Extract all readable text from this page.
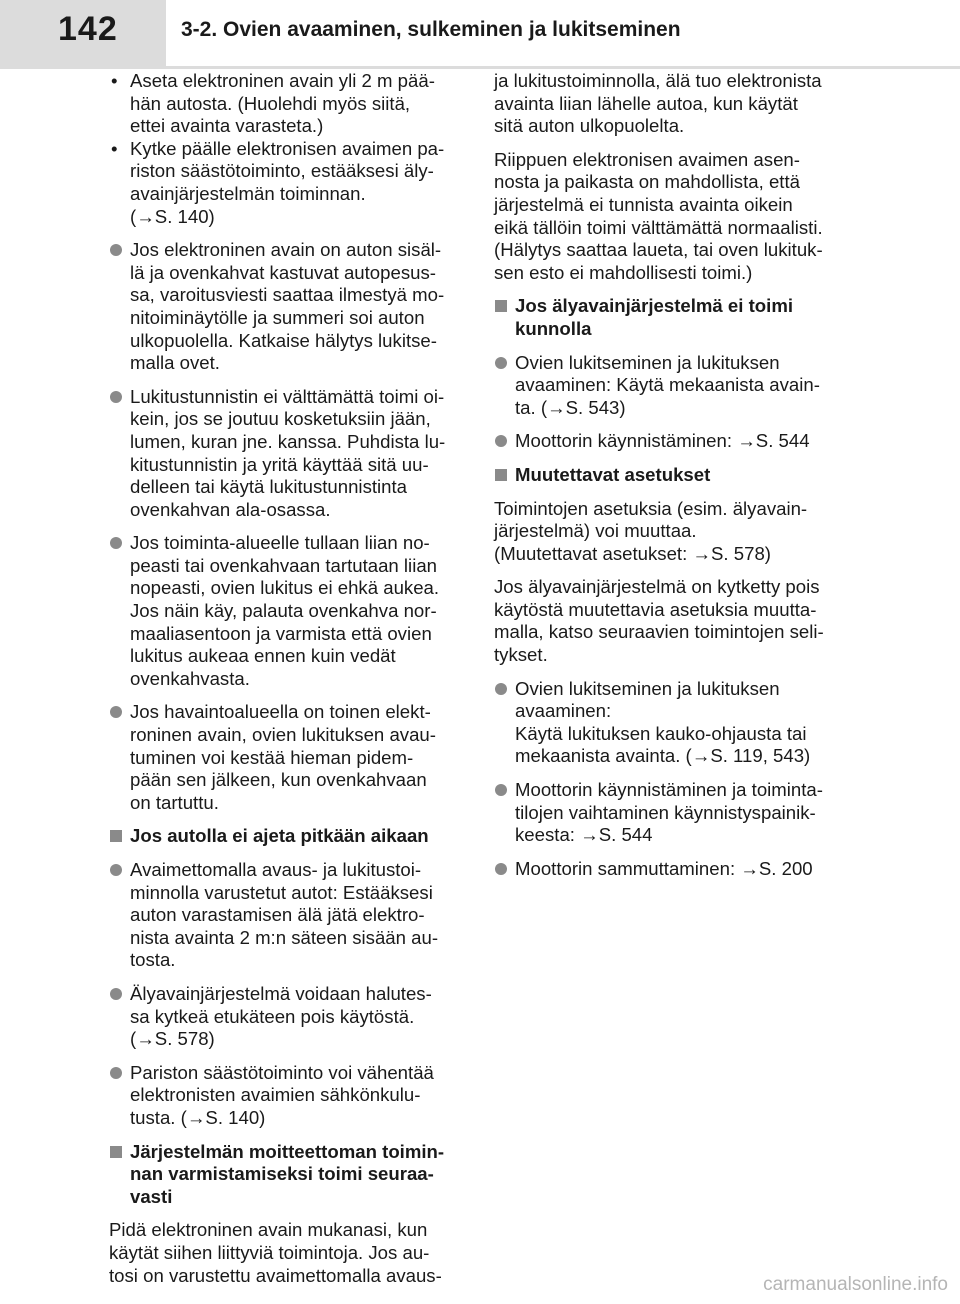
142	3-2. Ovien avaaminen, sulkeminen ja lukitseminen
• Aseta elektroninen avain yli 2 m pää-
hän autosta. (Huolehdi myös siitä,
ettei avainta varasteta.)
• Kytke päälle elektronisen avaimen pa-
riston säästötoiminto, estääksesi äly-
avainjärjestelmän toiminnan.
(→S. 140)
Jos elektroninen avain on auton sisäl-
lä ja ovenkahvat kastuvat autopesus-
sa, varoitusviesti saattaa ilmestyä mo-
nitoiminäytölle ja summeri soi auton
ulkopuolella. Katkaise hälytys lukitse-
malla ovet.
Lukitustunnistin ei välttämättä toimi oi-
kein, jos se joutuu kosketuksiin jään,
lumen, kuran jne. kanssa. Puhdista lu-
kitustunnistin ja yritä käyttää sitä uu-
delleen tai käytä lukitustunnistinta
ovenkahvan ala-osassa.
Jos toiminta-alueelle tullaan liian no-
peasti tai ovenkahvaan tartutaan liian
nopeasti, ovien lukitus ei ehkä aukea.
Jos näin käy, palauta ovenkahva nor-
maaliasentoon ja varmista että ovien
lukitus aukeaa ennen kuin vedät
ovenkahvasta.
Jos havaintoalueella on toinen elekt-
roninen avain, ovien lukituksen avau-
tuminen voi kestää hieman pidem-
pään sen jälkeen, kun ovenkahvaan
on tartuttu.
Jos autolla ei ajeta pitkään aikaan
Avaimettomalla avaus- ja lukitustoi-
minnolla varustetut autot: Estääksesi
auton varastamisen älä jätä elektro-
nista avainta 2 m:n säteen sisään au-
tosta.
Älyavainjärjestelmä voidaan halutes-
sa kytkeä etukäteen pois käytöstä.
(→S. 578)
Pariston säästötoiminto voi vähentää
elektronisten avaimien sähkönkulu-
tusta. (→S. 140)
Järjestelmän moitteettoman toimin-
nan varmistamiseksi toimi seuraa-
vasti
Pidä elektroninen avain mukanasi, kun
käytät siihen liittyviä toimintoja. Jos au-
tosi on varustettu avaimettomalla avaus-
ja lukitustoiminnolla, älä tuo elektronista
avainta liian lähelle autoa, kun käytät
sitä auton ulkopuolelta.
Riippuen elektronisen avaimen asen-
nosta ja paikasta on mahdollista, että
järjestelmä ei tunnista avainta oikein
eikä tällöin toimi välttämättä normaalisti.
(Hälytys saattaa laueta, tai oven lukituk-
sen esto ei mahdollisesti toimi.)
Jos älyavainjärjestelmä ei toimi
kunnolla
Ovien lukitseminen ja lukituksen
avaaminen: Käytä mekaanista avain-
ta. (→S. 543)
Moottorin käynnistäminen: →S. 544
Muutettavat asetukset
Toimintojen asetuksia (esim. älyavain-
järjestelmä) voi muuttaa.
(Muutettavat asetukset: →S. 578)
Jos älyavainjärjestelmä on kytketty pois
käytöstä muutettavia asetuksia muutta-
malla, katso seuraavien toimintojen seli-
tykset.
Ovien lukitseminen ja lukituksen
avaaminen:
Käytä lukituksen kauko-ohjausta tai
mekaanista avainta. (→S. 119, 543)
Moottorin käynnistäminen ja toiminta-
tilojen vaihtaminen käynnistyspainik-
keesta: →S. 544
Moottorin sammuttaminen: →S. 200
carmanualsonline.info
